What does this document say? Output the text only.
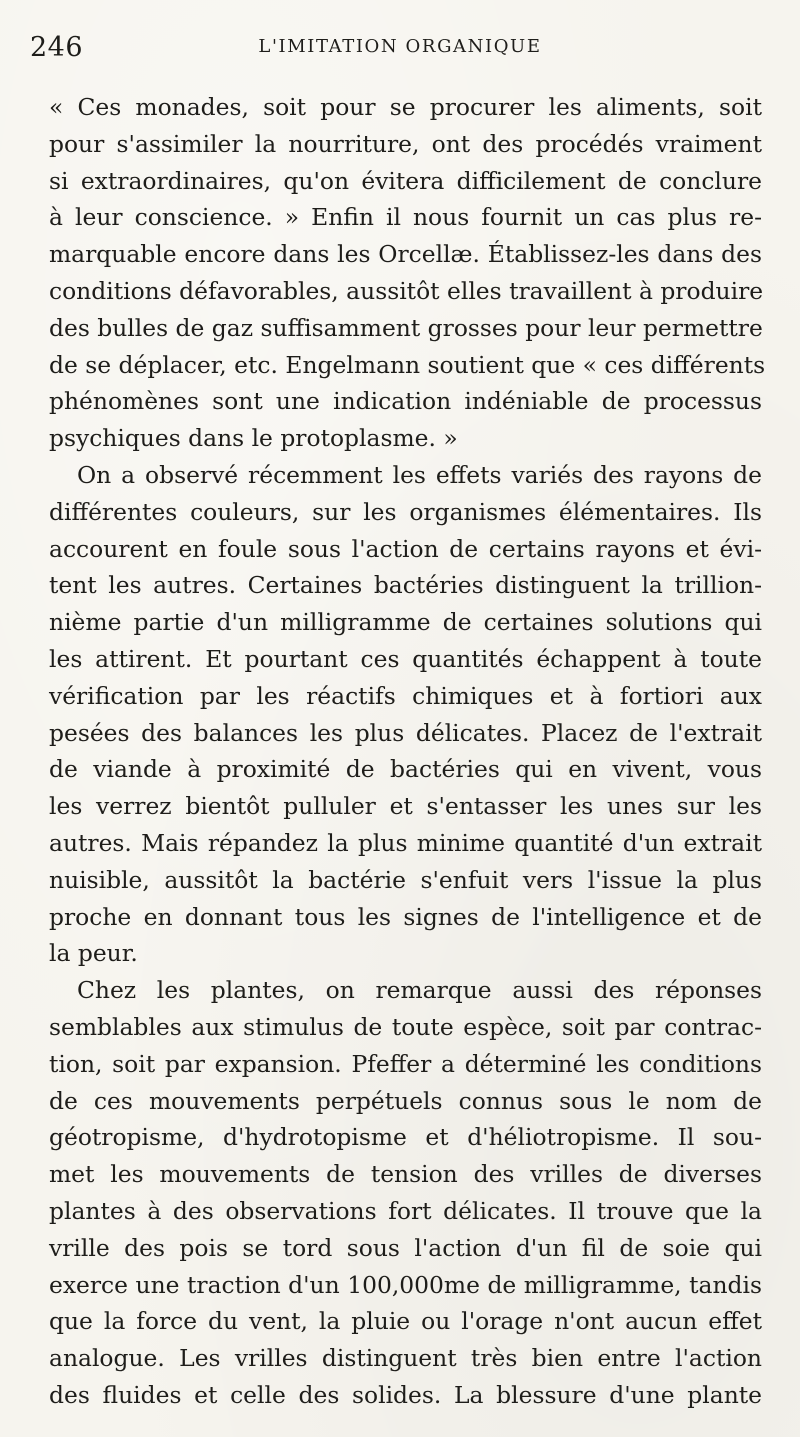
246	L'IMITATION ORGANIQUE
« Ces monades, soit pour se procurer les aliments, soit
pour s'assimiler la nourriture, ont des procédés vraiment
si extraordinaires, qu'on évitera difficilement de conclure
à leur conscience. » Enfin il nous fournit un cas plus re-
marquable encore dans les Orcellæ. Établissez-les dans des
conditions défavorables, aussitôt elles travaillent à produire
des bulles de gaz suffisamment grosses pour leur permettre
de se déplacer, etc. Engelmann soutient que « ces différents
phénomènes sont une indication indéniable de processus
psychiques dans le protoplasme. »
On a observé récemment les effets variés des rayons de
différentes couleurs, sur les organismes élémentaires. Ils
accourent en foule sous l'action de certains rayons et évi-
tent les autres. Certaines bactéries distinguent la trillion-
nième partie d'un milligramme de certaines solutions qui
les attirent. Et pourtant ces quantités échappent à toute
vérification par les réactifs chimiques et à fortiori aux
pesées des balances les plus délicates. Placez de l'extrait
de viande à proximité de bactéries qui en vivent, vous
les verrez bientôt pulluler et s'entasser les unes sur les
autres. Mais répandez la plus minime quantité d'un extrait
nuisible, aussitôt la bactérie s'enfuit vers l'issue la plus
proche en donnant tous les signes de l'intelligence et de
la peur.
Chez les plantes, on remarque aussi des réponses
semblables aux stimulus de toute espèce, soit par contrac-
tion, soit par expansion. Pfeffer a déterminé les conditions
de ces mouvements perpétuels connus sous le nom de
géotropisme, d'hydrotopisme et d'héliotropisme. Il sou-
met les mouvements de tension des vrilles de diverses
plantes à des observations fort délicates. Il trouve que la
vrille des pois se tord sous l'action d'un fil de soie qui
exerce une traction d'un 100,000me de milligramme, tandis
que la force du vent, la pluie ou l'orage n'ont aucun effet
analogue. Les vrilles distinguent très bien entre l'action
des fluides et celle des solides. La blessure d'une plante
